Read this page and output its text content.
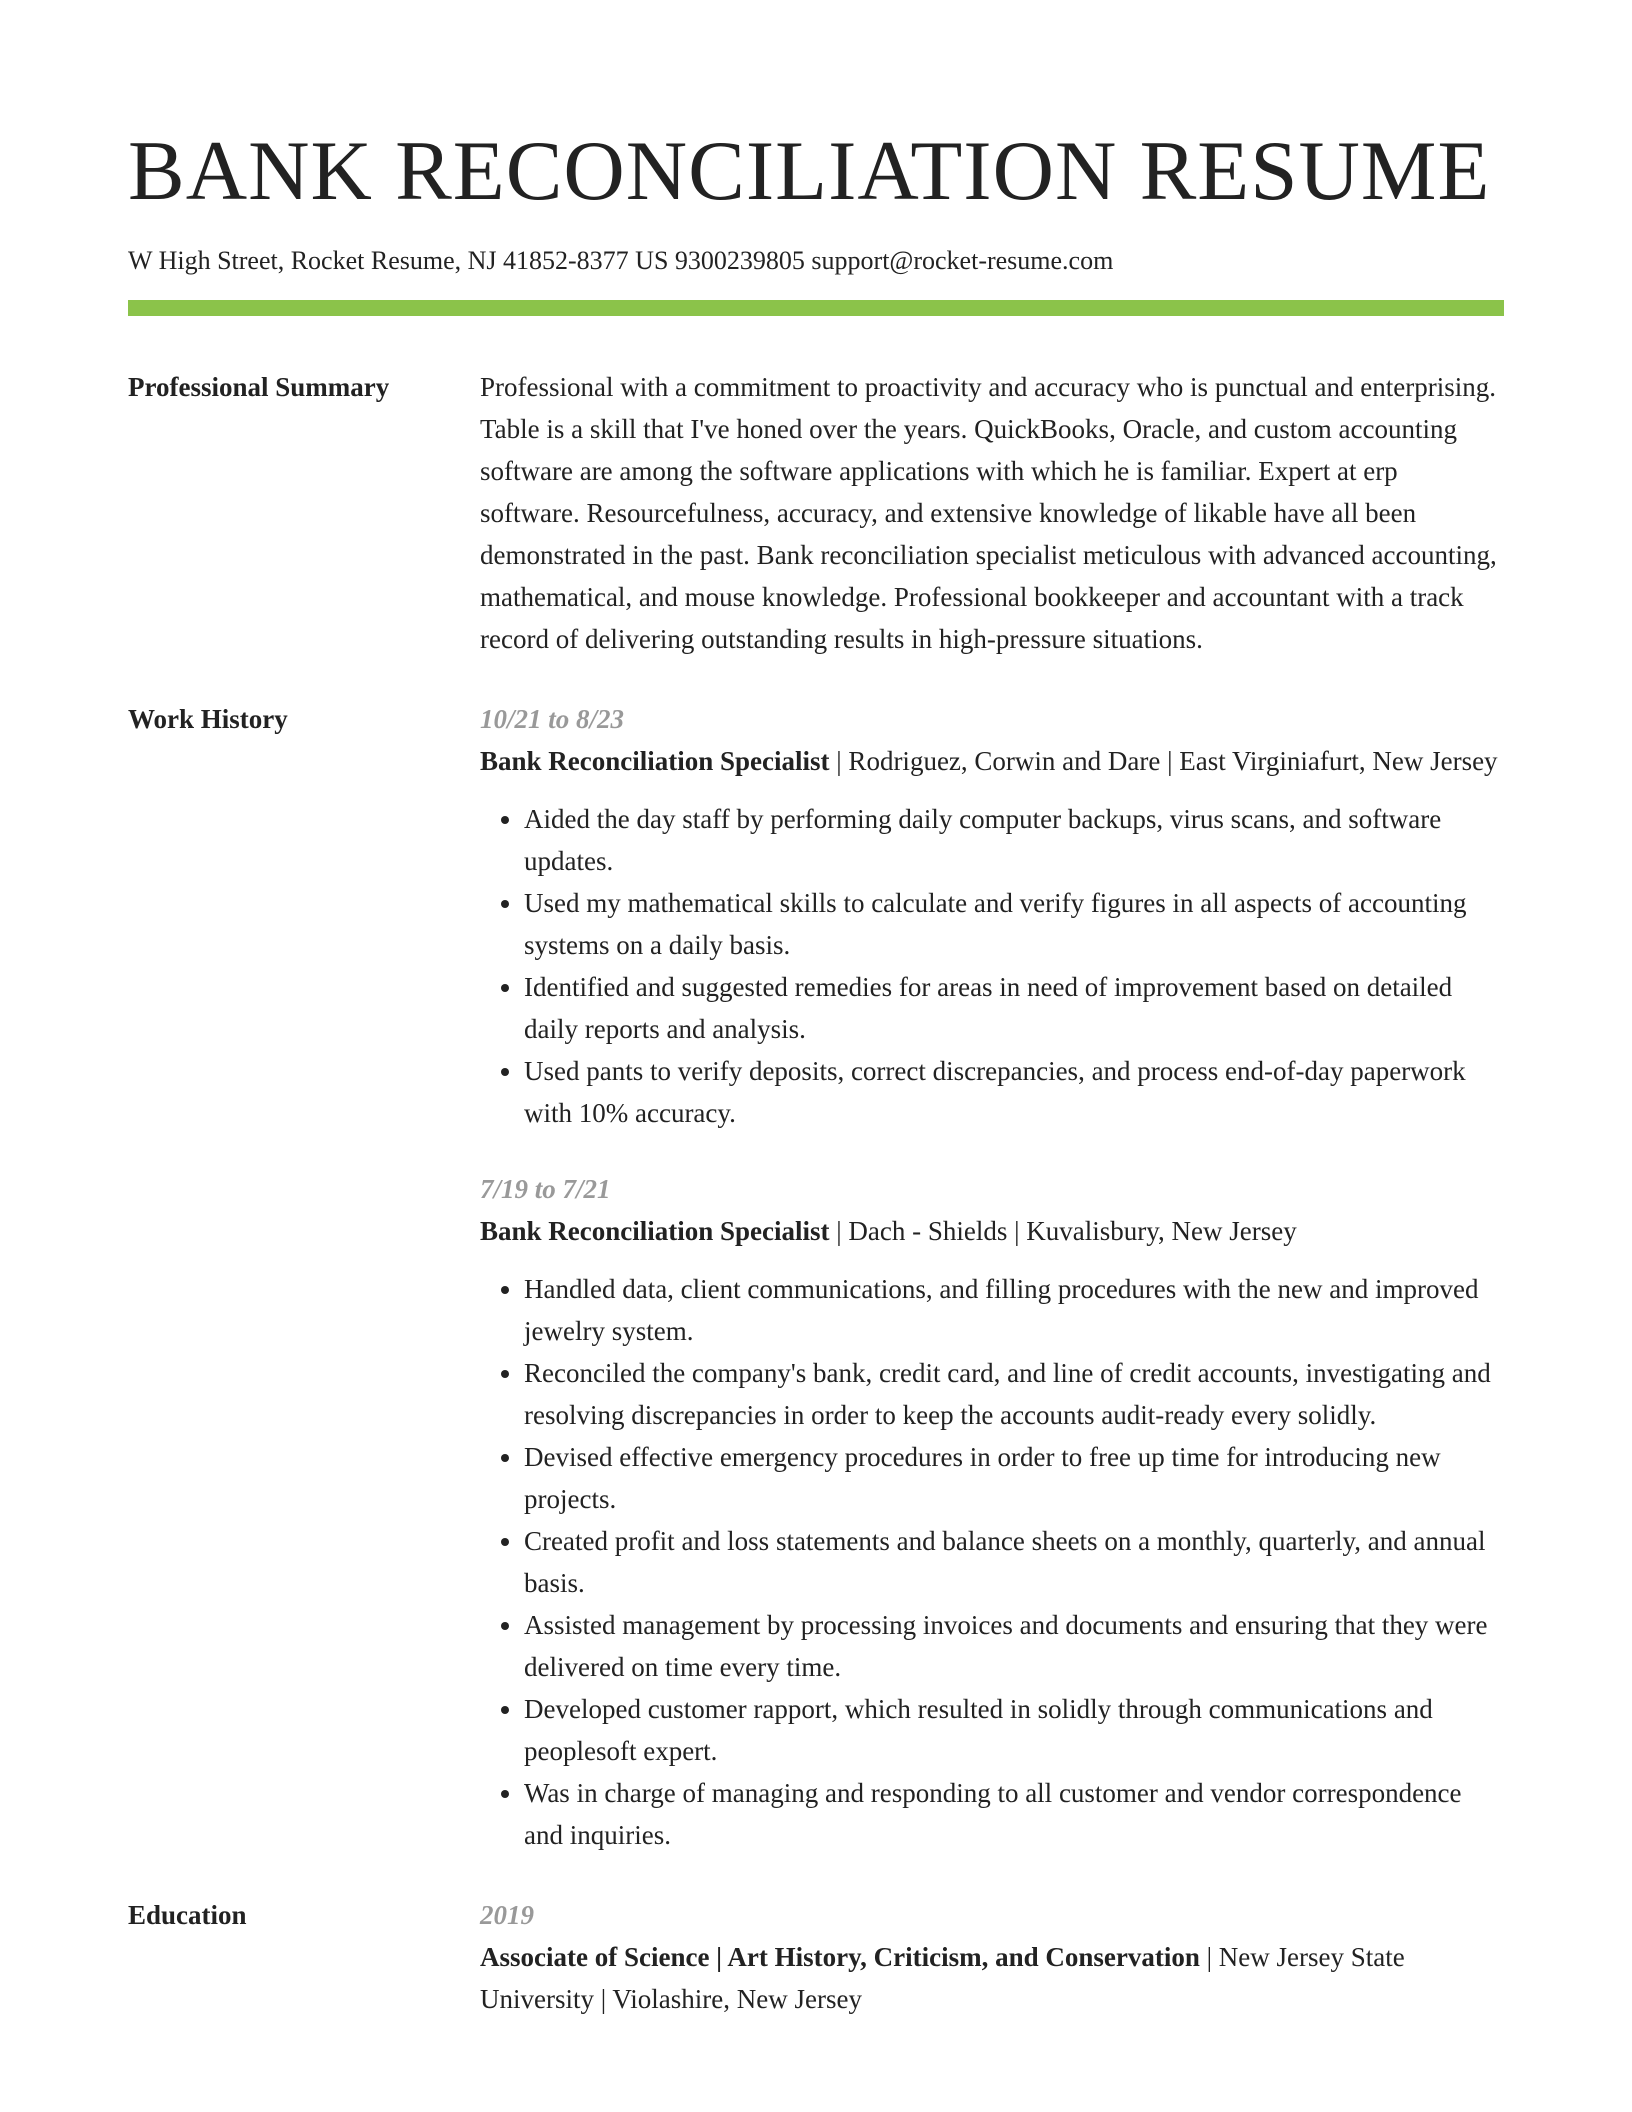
BANK RECONCILIATION RESUME
W High Street, Rocket Resume, NJ 41852-8377 US 9300239805 support@rocket-resume.com
Professional Summary	Professional with a commitment to proactivity and accuracy who is punctual and enterprising. Table is a skill that I've honed over the years. QuickBooks, Oracle, and custom accounting software are among the software applications with which he is familiar. Expert at erp software. Resourcefulness, accuracy, and extensive knowledge of likable have all been demonstrated in the past. Bank reconciliation specialist meticulous with advanced accounting, mathematical, and mouse knowledge. Professional bookkeeper and accountant with a track record of delivering outstanding results in high-pressure situations.

Work History	10/21 to 8/23
Bank Reconciliation Specialist | Rodriguez, Corwin and Dare | East Virginiafurt, New Jersey
• Aided the day staff by performing daily computer backups, virus scans, and software updates.
• Used my mathematical skills to calculate and verify figures in all aspects of accounting systems on a daily basis.
• Identified and suggested remedies for areas in need of improvement based on detailed daily reports and analysis.
• Used pants to verify deposits, correct discrepancies, and process end-of-day paperwork with 10% accuracy.
7/19 to 7/21
Bank Reconciliation Specialist | Dach - Shields | Kuvalisbury, New Jersey
• Handled data, client communications, and filling procedures with the new and improved jewelry system.
• Reconciled the company's bank, credit card, and line of credit accounts, investigating and resolving discrepancies in order to keep the accounts audit-ready every solidly.
• Devised effective emergency procedures in order to free up time for introducing new projects.
• Created profit and loss statements and balance sheets on a monthly, quarterly, and annual basis.
• Assisted management by processing invoices and documents and ensuring that they were delivered on time every time.
• Developed customer rapport, which resulted in solidly through communications and peoplesoft expert.
• Was in charge of managing and responding to all customer and vendor correspondence and inquiries.
Education	2019
Associate of Science | Art History, Criticism, and Conservation | New Jersey State University | Violashire, New Jersey
